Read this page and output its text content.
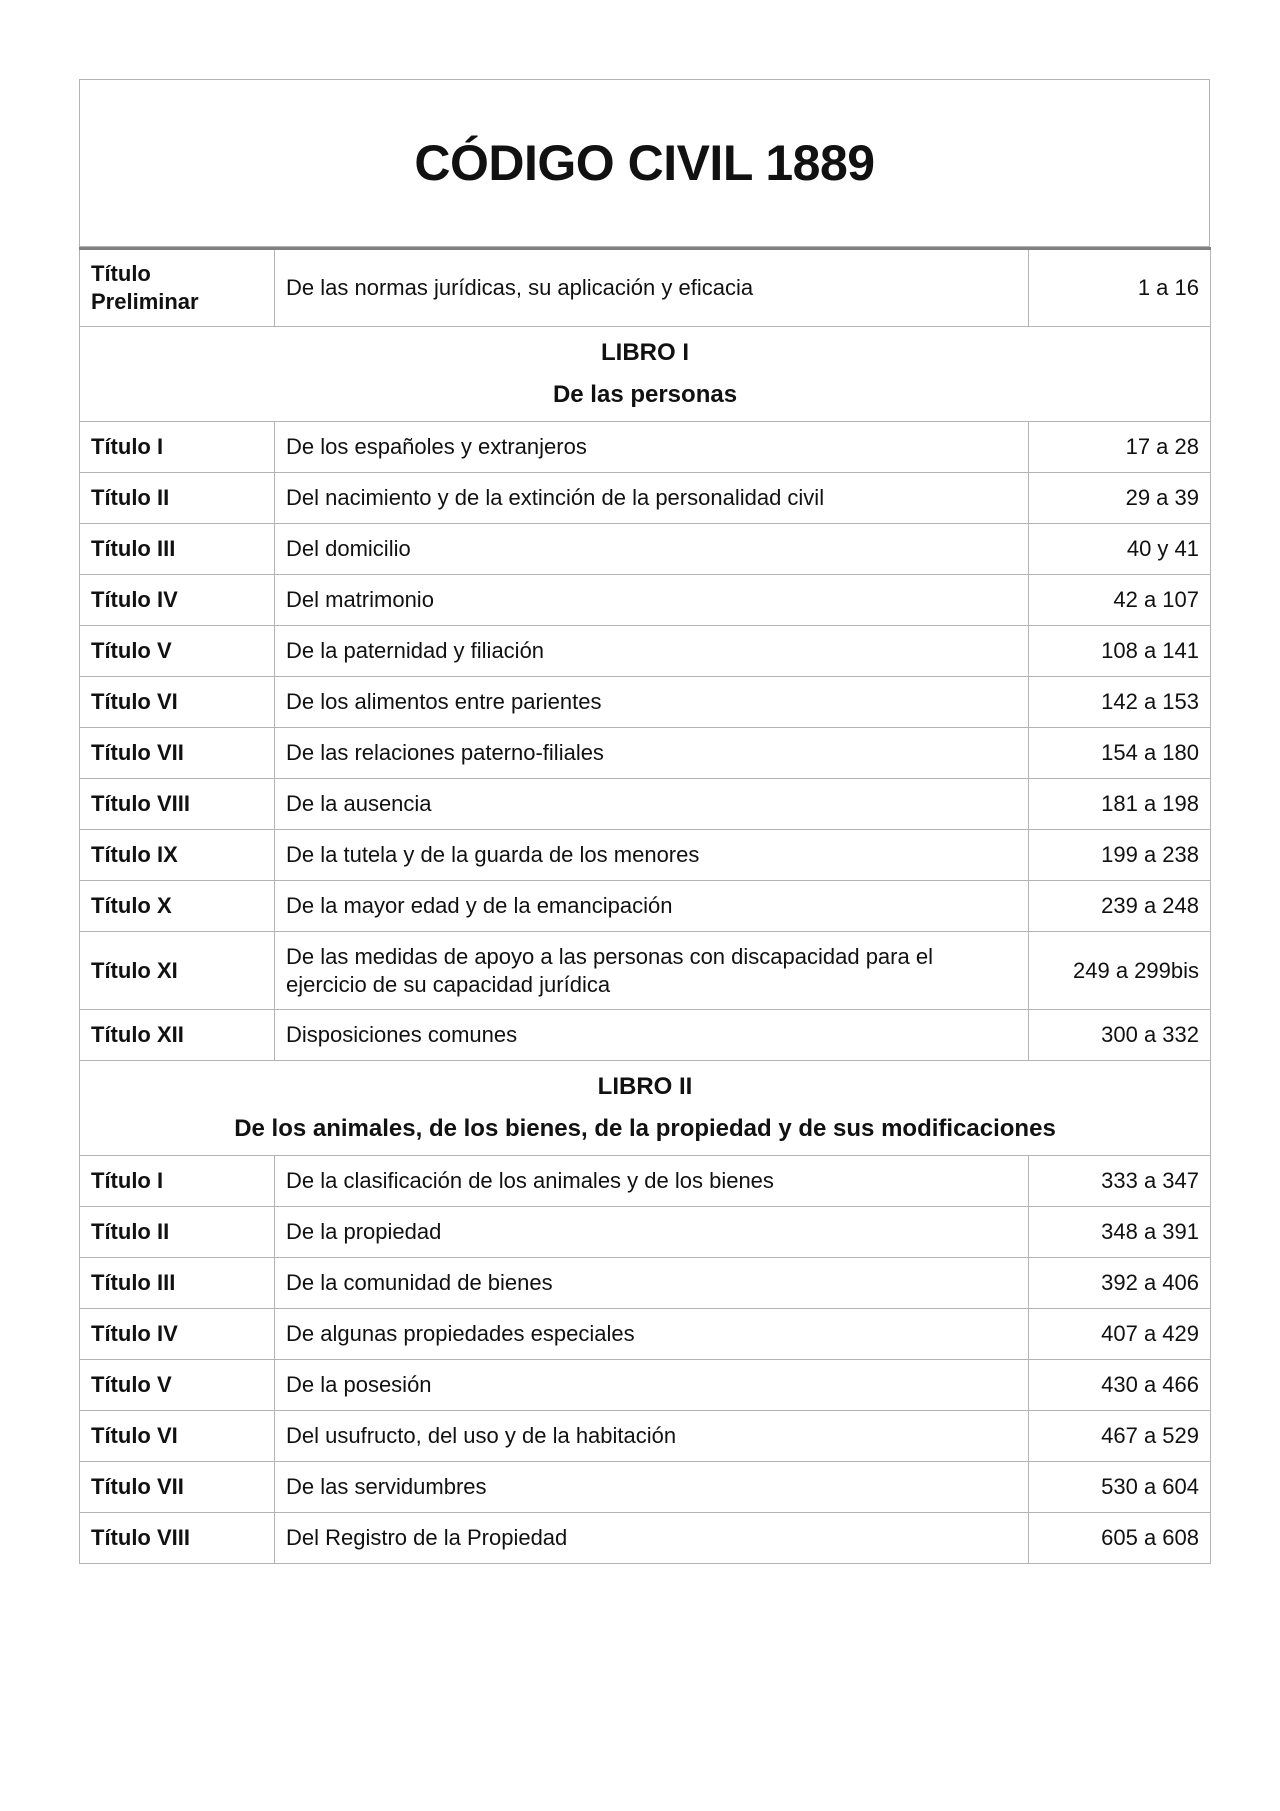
CÓDIGO CIVIL 1889
Título Preliminar	De las normas jurídicas, su aplicación y eficacia	1 a 16

LIBRO I
De las personas		

Título I	De los españoles y extranjeros	17 a 28
Título II	Del nacimiento y de la extinción de la personalidad civil	29 a 39
Título III	Del domicilio	40 y 41
Título IV	Del matrimonio	42 a 107
Título V	De la paternidad y filiación	108 a 141
Título VI	De los alimentos entre parientes	142 a 153
Título VII	De las relaciones paterno-filiales	154 a 180
Título VIII	De la ausencia	181 a 198
Título IX	De la tutela y de la guarda de los menores	199 a 238
Título X	De la mayor edad y de la emancipación	239 a 248
Título XI	De las medidas de apoyo a las personas con discapacidad para el ejercicio de su capacidad jurídica	249 a 299bis
Título XII	Disposiciones comunes	300 a 332

LIBRO II
De los animales, de los bienes, de la propiedad y de sus modificaciones		

Título I	De la clasificación de los animales y de los bienes	333 a 347
Título II	De la propiedad	348 a 391
Título III	De la comunidad de bienes	392 a 406
Título IV	De algunas propiedades especiales	407 a 429
Título V	De la posesión	430 a 466
Título VI	Del usufructo, del uso y de la habitación	467 a 529
Título VII	De las servidumbres	530 a 604
Título VIII	Del Registro de la Propiedad	605 a 608
